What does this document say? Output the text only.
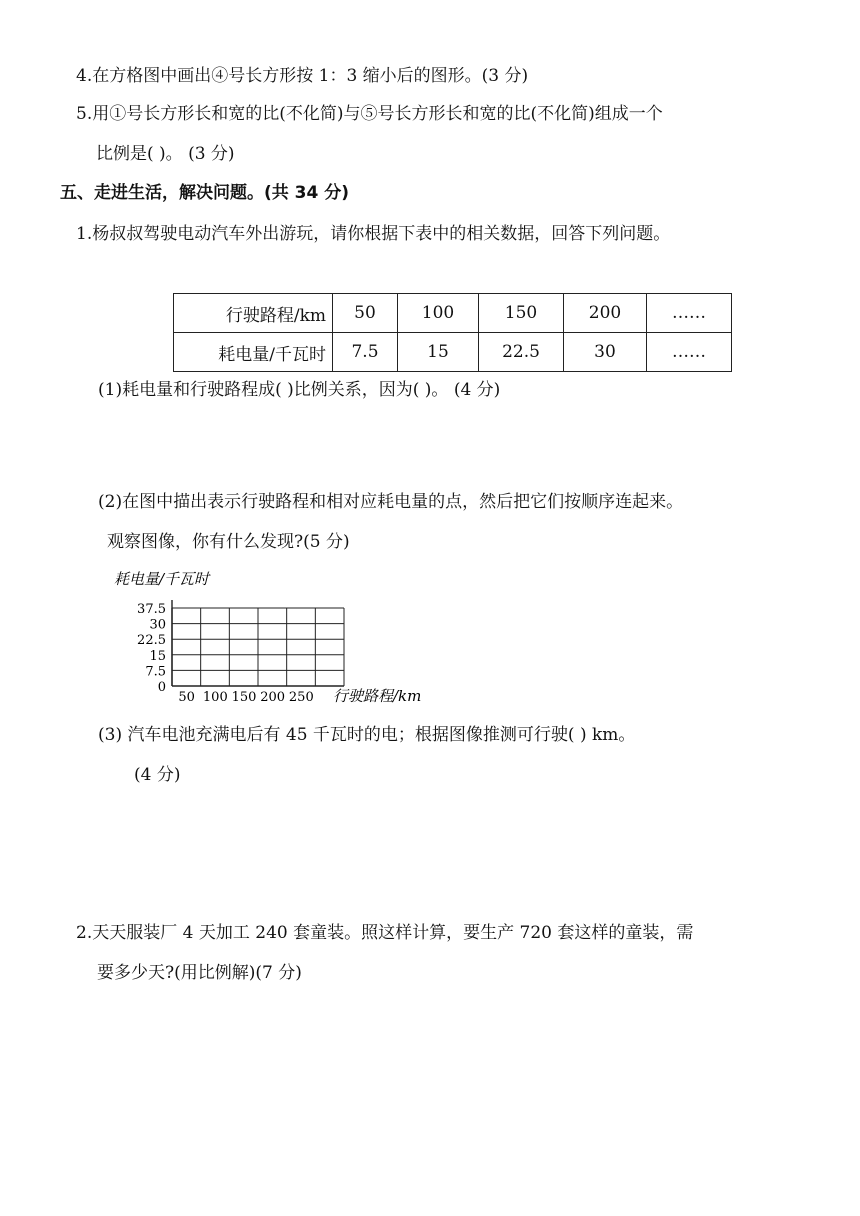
4.在方格图中画出④号长方形按 1：3 缩小后的图形。(3 分)
5.用①号长方形长和宽的比(不化简)与⑤号长方形长和宽的比(不化简)组成一个
比例是( )。 (3 分)
五、走进生活，解决问题。(共 34 分)
1.杨叔叔驾驶电动汽车外出游玩，请你根据下表中的相关数据，回答下列问题。
行驶路程/km	50	100	150	200	……
耗电量/千瓦时	7.5	15	22.5	30	……
(1)耗电量和行驶路程成( )比例关系，因为( )。 (4 分)
(2)在图中描出表示行驶路程和相对应耗电量的点，然后把它们按顺序连起来。
观察图像，你有什么发现?(5 分)
耗电量/千瓦时
0
7.5
15
22.5
30
37.5
50 100 150 200 250 行驶路程/km
(3) 汽车电池充满电后有 45 千瓦时的电；根据图像推测可行驶( ) km。
(4 分)
2.天天服装厂 4 天加工 240 套童装。照这样计算，要生产 720 套这样的童装，需
要多少天?(用比例解)(7 分)
